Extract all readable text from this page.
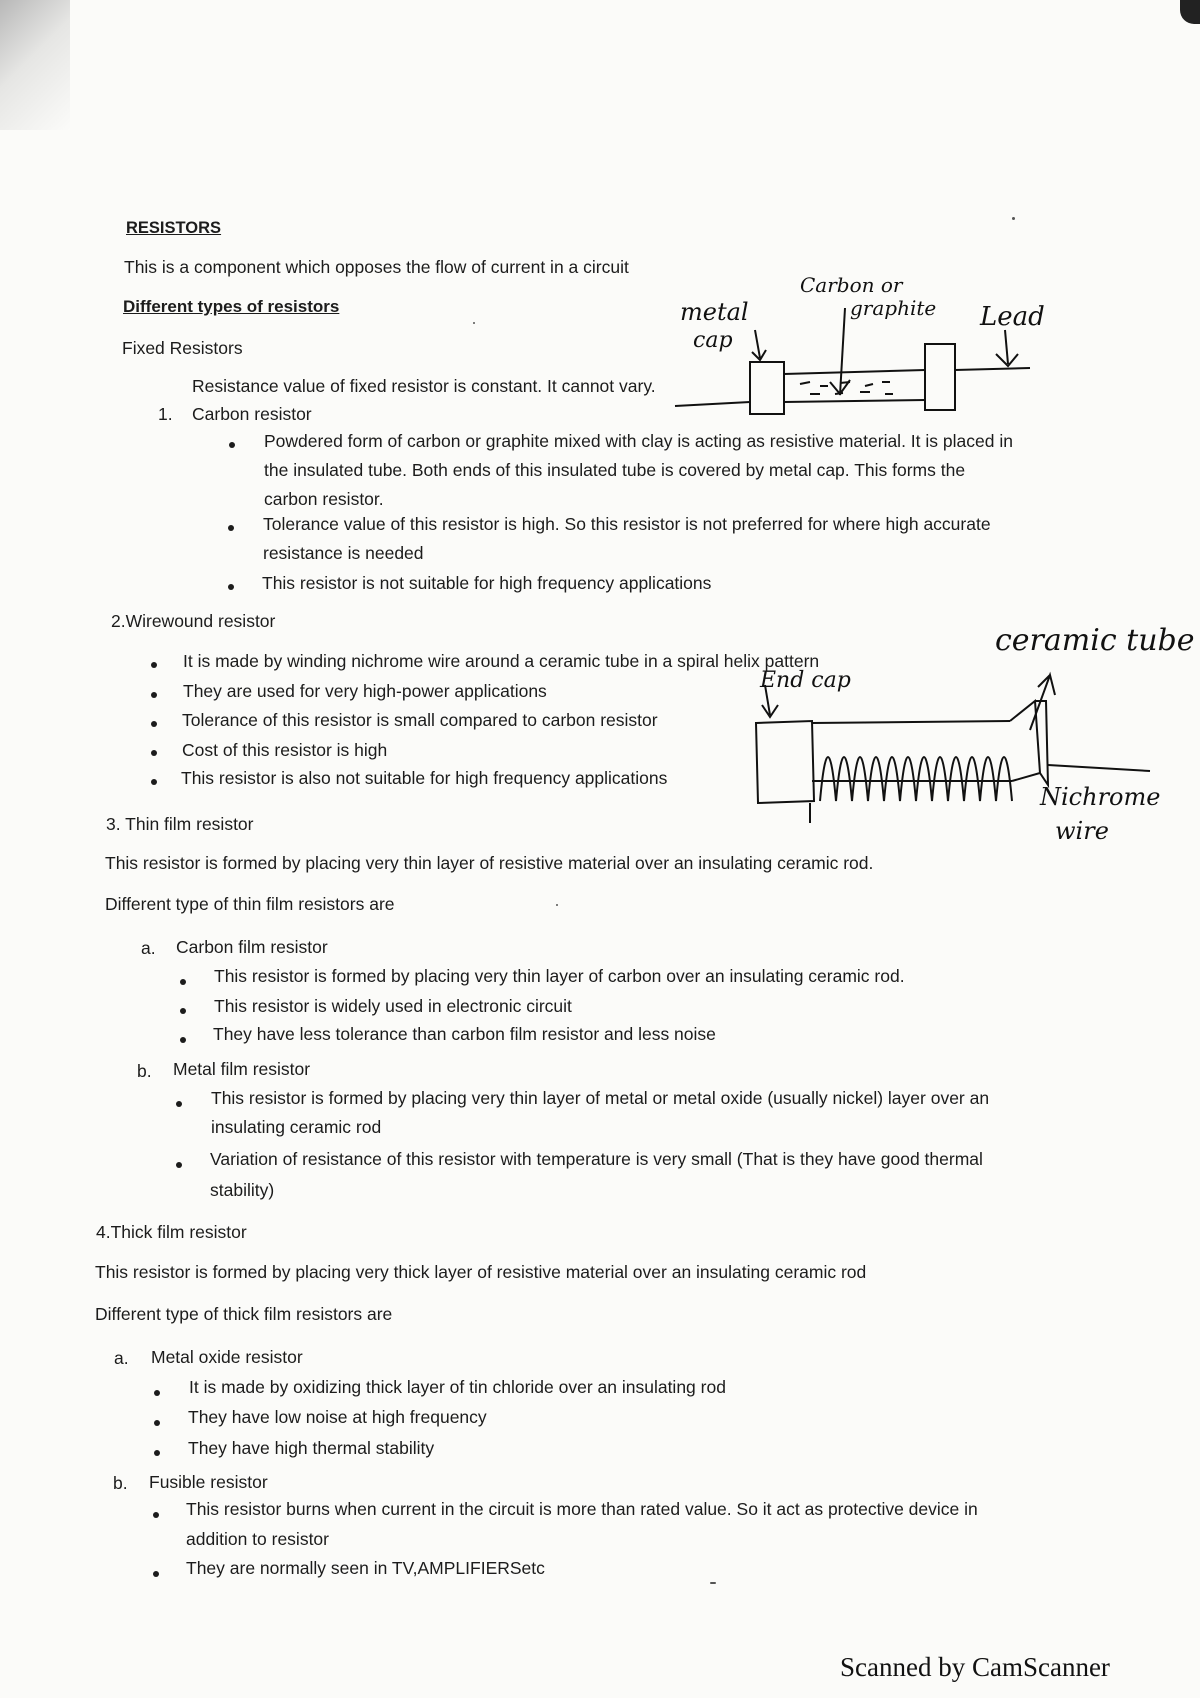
RESISTORS
This is a component which opposes the flow of current in a circuit
Different types of resistors
Fixed Resistors
Resistance value of fixed resistor is constant. It cannot vary.
1. Carbon resistor
Powdered form of carbon or graphite mixed with clay is acting as resistive material. It is placed in
the insulated tube. Both ends of this insulated tube is covered by metal cap. This forms the
carbon resistor.
Tolerance value of this resistor is high. So this resistor is not preferred for where high accurate
resistance is needed
This resistor is not suitable for high frequency applications
metal
cap
Carbon or
graphite Lead
2.Wirewound resistor
It is made by winding nichrome wire around a ceramic tube in a spiral helix pattern
They are used for very high-power applications
Tolerance of this resistor is small compared to carbon resistor
Cost of this resistor is high
This resistor is also not suitable for high frequency applications
ceramic tube
End cap
Nichrome
wire
3. Thin film resistor
This resistor is formed by placing very thin layer of resistive material over an insulating ceramic rod.
Different type of thin film resistors are
a. Carbon film resistor
This resistor is formed by placing very thin layer of carbon over an insulating ceramic rod.
This resistor is widely used in electronic circuit
They have less tolerance than carbon film resistor and less noise
b. Metal film resistor
This resistor is formed by placing very thin layer of metal or metal oxide (usually nickel) layer over an
insulating ceramic rod
Variation of resistance of this resistor with temperature is very small (That is they have good thermal
stability)
4.Thick film resistor
This resistor is formed by placing very thick layer of resistive material over an insulating ceramic rod
Different type of thick film resistors are
a. Metal oxide resistor
It is made by oxidizing thick layer of tin chloride over an insulating rod
They have low noise at high frequency
They have high thermal stability
b. Fusible resistor
This resistor burns when current in the circuit is more than rated value. So it act as protective device in
addition to resistor
They are normally seen in TV,AMPLIFIERSetc
Scanned by CamScanner
